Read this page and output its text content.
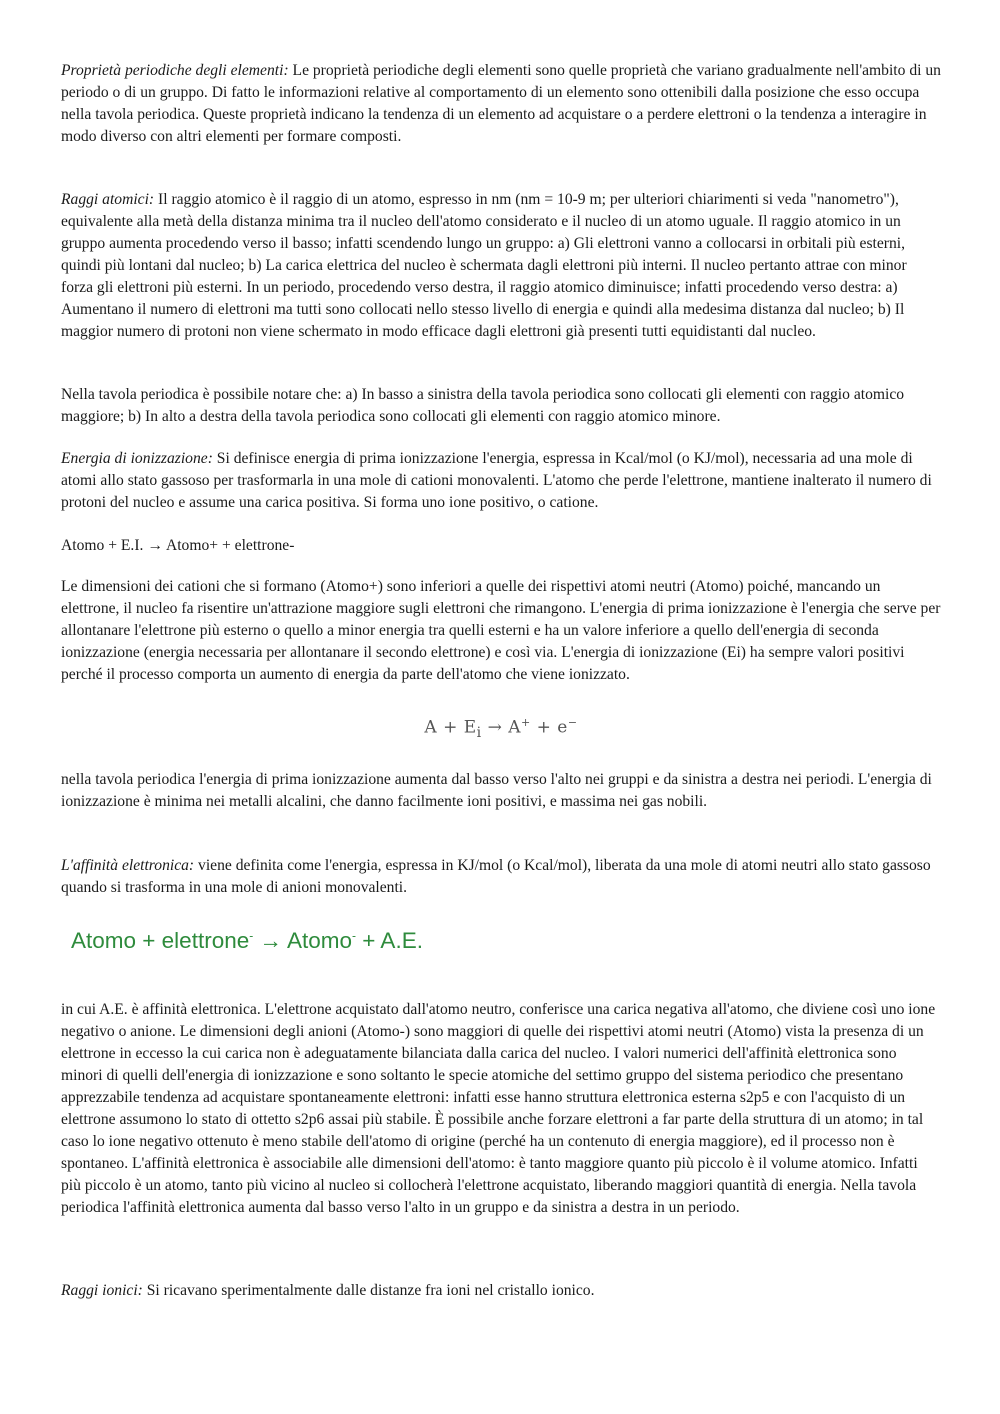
Proprietà periodiche degli elementi: Le proprietà periodiche degli elementi sono quelle proprietà che variano gradualmente nell'ambito di un periodo o di un gruppo. Di fatto le informazioni relative al comportamento di un elemento sono ottenibili dalla posizione che esso occupa nella tavola periodica. Queste proprietà indicano la tendenza di un elemento ad acquistare o a perdere elettroni o la tendenza a interagire in modo diverso con altri elementi per formare composti.

Raggi atomici: Il raggio atomico è il raggio di un atomo, espresso in nm (nm = 10-9 m; per ulteriori chiarimenti si veda "nanometro"), equivalente alla metà della distanza minima tra il nucleo dell'atomo considerato e il nucleo di un atomo uguale. Il raggio atomico in un gruppo aumenta procedendo verso il basso; infatti scendendo lungo un gruppo: a) Gli elettroni vanno a collocarsi in orbitali più esterni, quindi più lontani dal nucleo; b) La carica elettrica del nucleo è schermata dagli elettroni più interni. Il nucleo pertanto attrae con minor forza gli elettroni più esterni. In un periodo, procedendo verso destra, il raggio atomico diminuisce; infatti procedendo verso destra: a) Aumentano il numero di elettroni ma tutti sono collocati nello stesso livello di energia e quindi alla medesima distanza dal nucleo; b) Il maggior numero di protoni non viene schermato in modo efficace dagli elettroni già presenti tutti equidistanti dal nucleo.

Nella tavola periodica è possibile notare che: a) In basso a sinistra della tavola periodica sono collocati gli elementi con raggio atomico maggiore; b) In alto a destra della tavola periodica sono collocati gli elementi con raggio atomico minore.

Energia di ionizzazione: Si definisce energia di prima ionizzazione l'energia, espressa in Kcal/mol (o KJ/mol), necessaria ad una mole di atomi allo stato gassoso per trasformarla in una mole di cationi monovalenti. L'atomo che perde l'elettrone, mantiene inalterato il numero di protoni del nucleo e assume una carica positiva. Si forma uno ione positivo, o catione.

Atomo + E.I. → Atomo+ + elettrone-

Le dimensioni dei cationi che si formano (Atomo+) sono inferiori a quelle dei rispettivi atomi neutri (Atomo) poiché, mancando un elettrone, il nucleo fa risentire un'attrazione maggiore sugli elettroni che rimangono. L'energia di prima ionizzazione è l'energia che serve per allontanare l'elettrone più esterno o quello a minor energia tra quelli esterni e ha un valore inferiore a quello dell'energia di seconda ionizzazione (energia necessaria per allontanare il secondo elettrone) e così via. L'energia di ionizzazione (Ei) ha sempre valori positivi perché il processo comporta un aumento di energia da parte dell'atomo che viene ionizzato.

$A + E_i \to A^+ + e^-$

nella tavola periodica l'energia di prima ionizzazione aumenta dal basso verso l'alto nei gruppi e da sinistra a destra nei periodi. L'energia di ionizzazione è minima nei metalli alcalini, che danno facilmente ioni positivi, e massima nei gas nobili.

L'affinità elettronica: viene definita come l'energia, espressa in KJ/mol (o Kcal/mol), liberata da una mole di atomi neutri allo stato gassoso quando si trasforma in una mole di anioni monovalenti.

Atomo + elettrone- → Atomo- + A.E.

in cui A.E. è affinità elettronica. L'elettrone acquistato dall'atomo neutro, conferisce una carica negativa all'atomo, che diviene così uno ione negativo o anione. Le dimensioni degli anioni (Atomo-) sono maggiori di quelle dei rispettivi atomi neutri (Atomo) vista la presenza di un elettrone in eccesso la cui carica non è adeguatamente bilanciata dalla carica del nucleo. I valori numerici dell'affinità elettronica sono minori di quelli dell'energia di ionizzazione e sono soltanto le specie atomiche del settimo gruppo del sistema periodico che presentano apprezzabile tendenza ad acquistare spontaneamente elettroni: infatti esse hanno struttura elettronica esterna s2p5 e con l'acquisto di un elettrone assumono lo stato di ottetto s2p6 assai più stabile. È possibile anche forzare elettroni a far parte della struttura di un atomo; in tal caso lo ione negativo ottenuto è meno stabile dell'atomo di origine (perché ha un contenuto di energia maggiore), ed il processo non è spontaneo. L'affinità elettronica è associabile alle dimensioni dell'atomo: è tanto maggiore quanto più piccolo è il volume atomico. Infatti più piccolo è un atomo, tanto più vicino al nucleo si collocherà l'elettrone acquistato, liberando maggiori quantità di energia. Nella tavola periodica l'affinità elettronica aumenta dal basso verso l'alto in un gruppo e da sinistra a destra in un periodo.

Raggi ionici: Si ricavano sperimentalmente dalle distanze fra ioni nel cristallo ionico.
